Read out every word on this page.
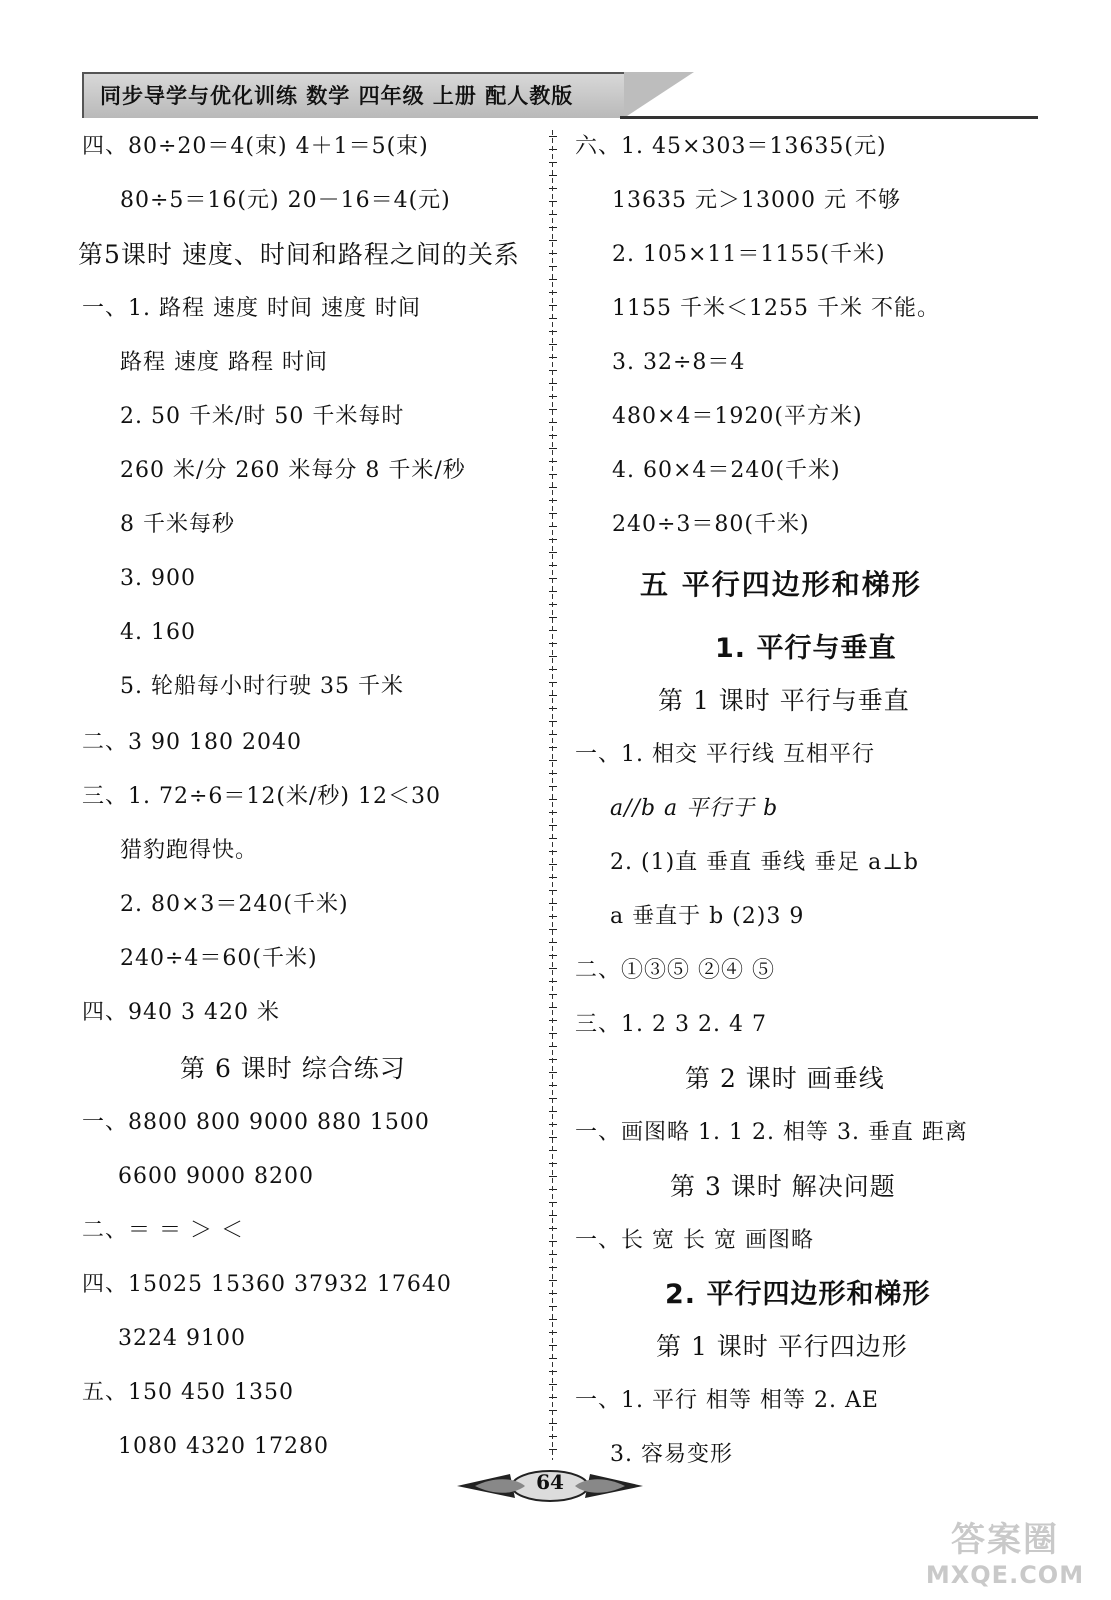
同步导学与优化训练 数学 四年级 上册 配人教版
四、80÷20＝4(束) 4＋1＝5(束)
80÷5＝16(元) 20－16＝4(元)
第5课时 速度、时间和路程之间的关系
一、1. 路程 速度 时间 速度 时间
路程 速度 路程 时间
2. 50 千米/时 50 千米每时
260 米/分 260 米每分 8 千米/秒
8 千米每秒
3. 900
4. 160
5. 轮船每小时行驶 35 千米
二、3 90 180 2040
三、1. 72÷6＝12(米/秒) 12＜30
猎豹跑得快。
2. 80×3＝240(千米)
240÷4＝60(千米)
四、940 3 420 米
第 6 课时 综合练习
一、8800 800 9000 880 1500
6600 9000 8200
二、＝ ＝ ＞ ＜
四、15025 15360 37932 17640
3224 9100
五、150 450 1350
1080 4320 17280
六、1. 45×303＝13635(元)
13635 元＞13000 元 不够
2. 105×11＝1155(千米)
1155 千米＜1255 千米 不能。
3. 32÷8＝4
480×4＝1920(平方米)
4. 60×4＝240(千米)
240÷3＝80(千米)
五 平行四边形和梯形
1. 平行与垂直
第 1 课时 平行与垂直
一、1. 相交 平行线 互相平行
a//b a 平行于 b
2. (1)直 垂直 垂线 垂足 a⊥b
a 垂直于 b (2)3 9
二、①③⑤ ②④ ⑤
三、1. 2 3 2. 4 7
第 2 课时 画垂线
一、画图略 1. 1 2. 相等 3. 垂直 距离
第 3 课时 解决问题
一、长 宽 长 宽 画图略
2. 平行四边形和梯形
第 1 课时 平行四边形
一、1. 平行 相等 相等 2. AE
3. 容易变形
64
答案圈
MXQE.COM
